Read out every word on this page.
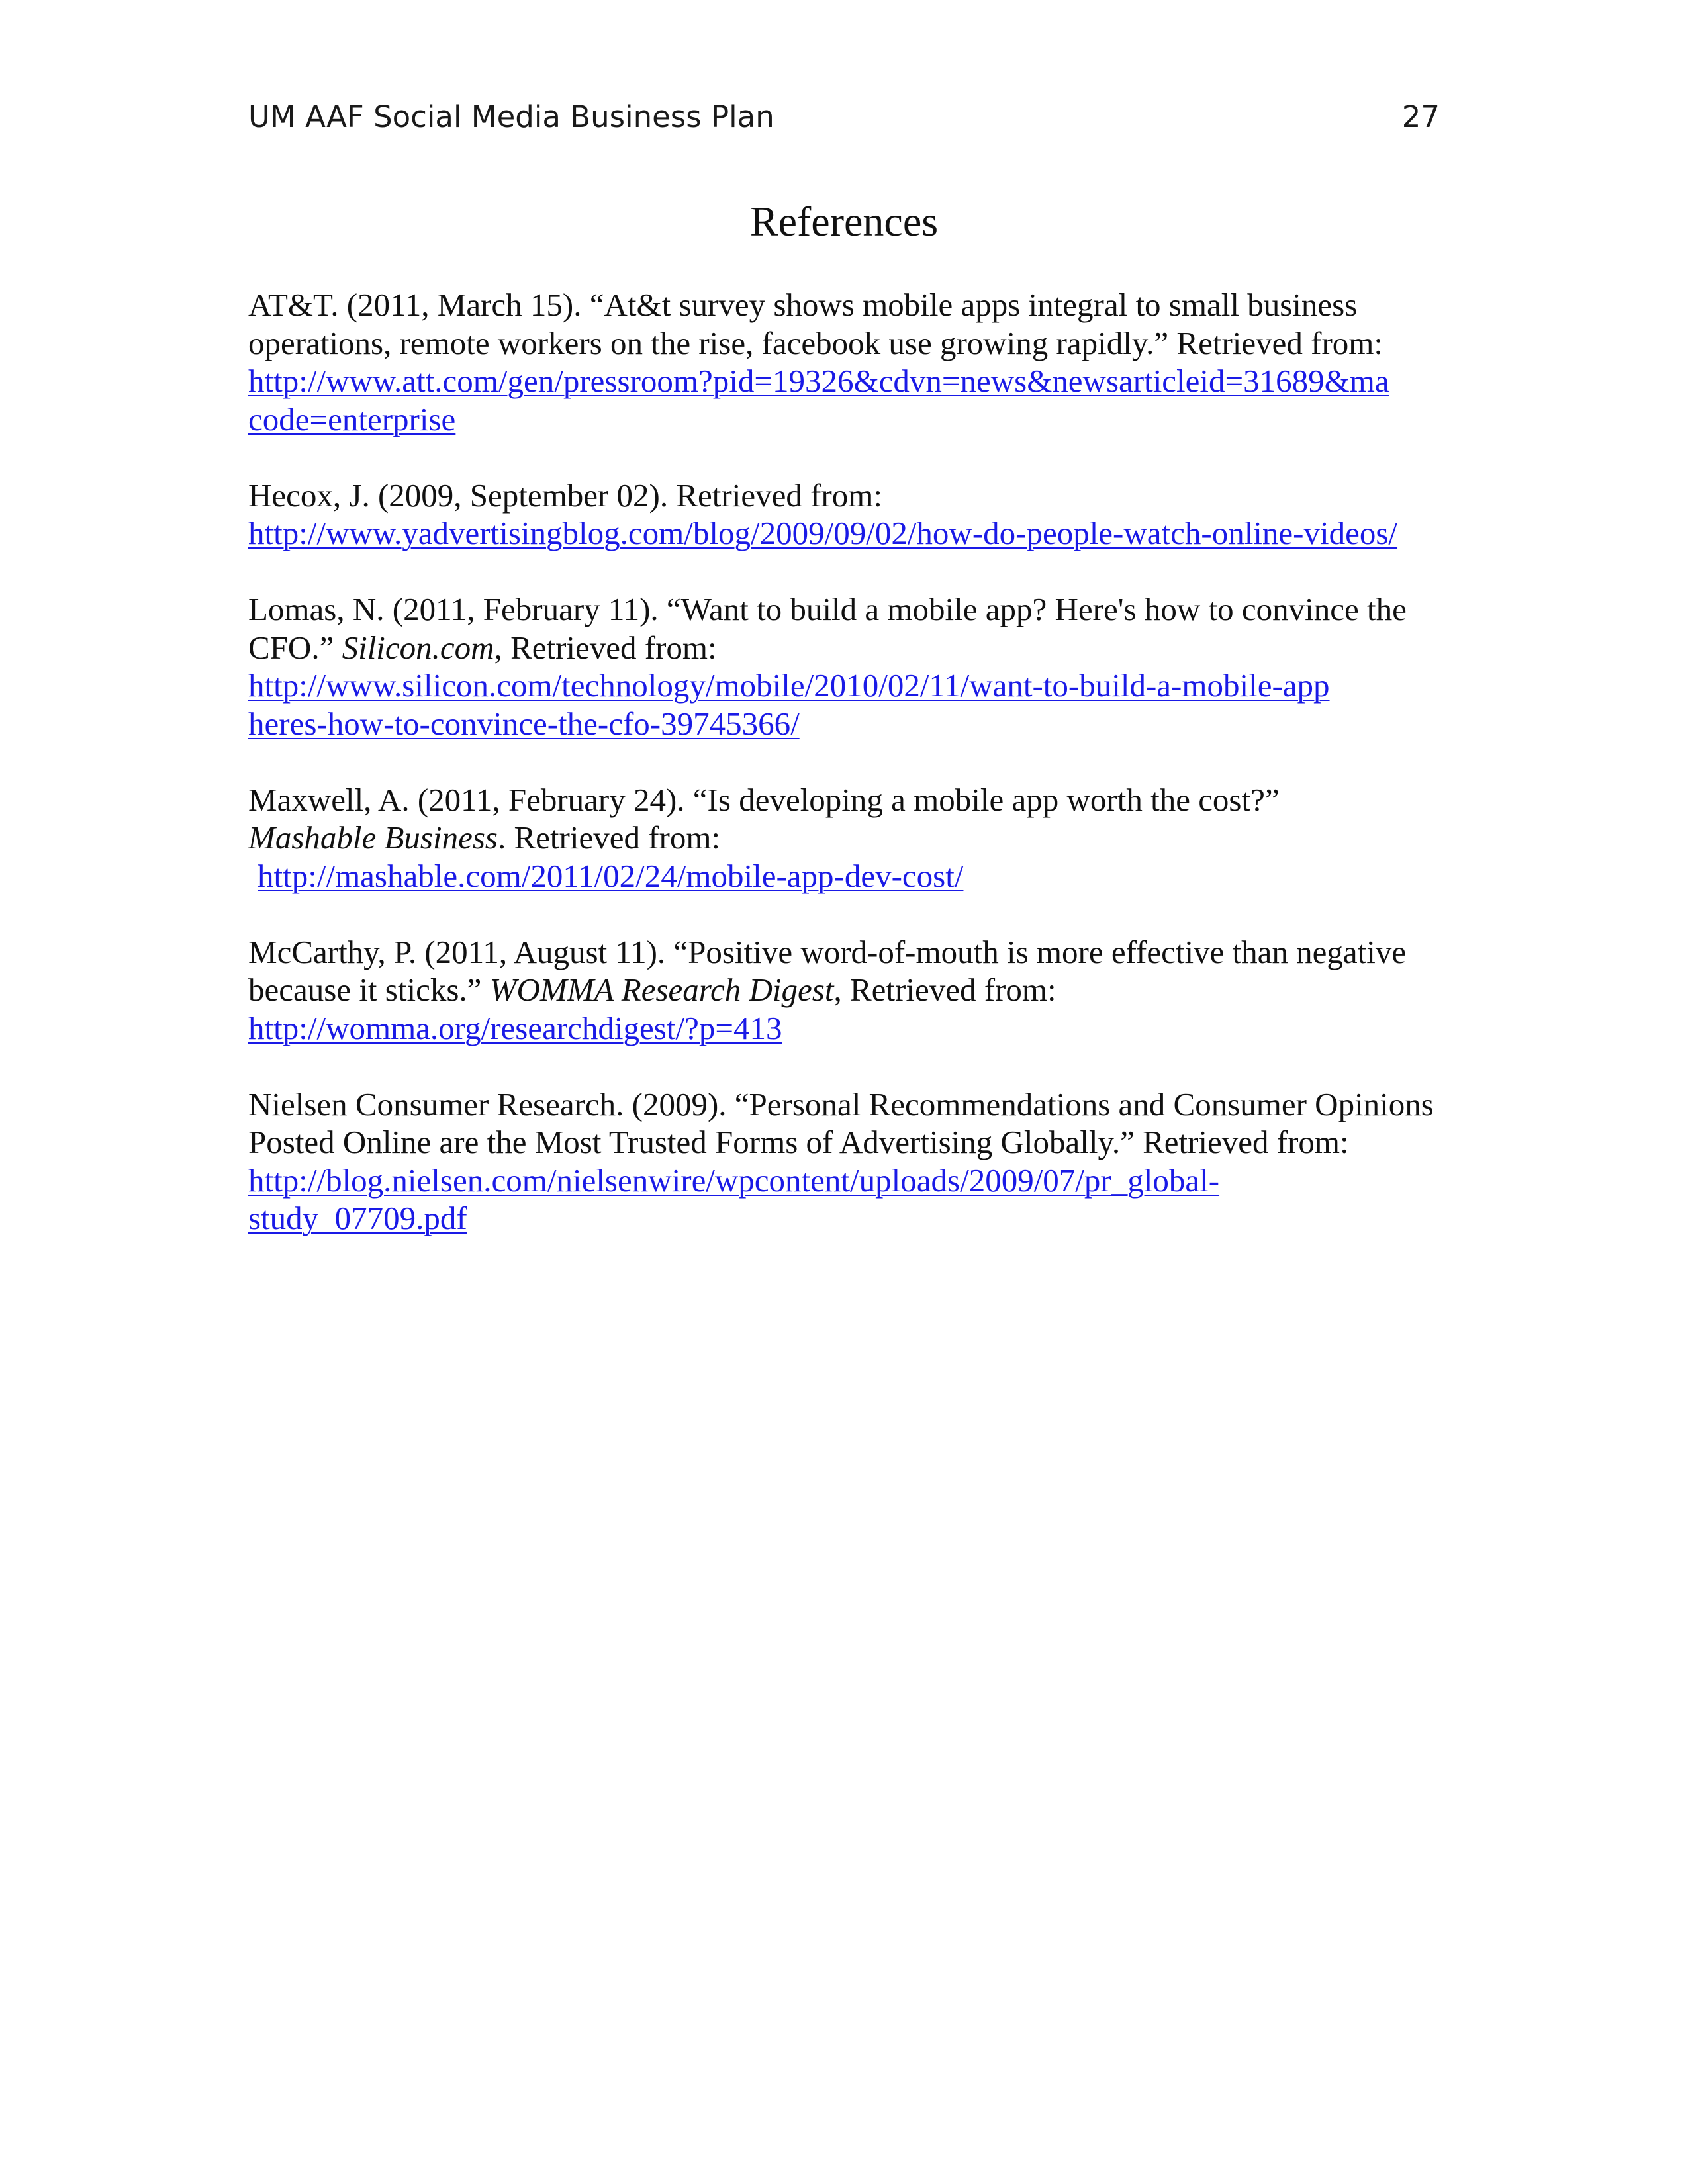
UM AAF Social Media Business Plan	27
References

AT&T. (2011, March 15). “At&t survey shows mobile apps integral to small business operations, remote workers on the rise, facebook use growing rapidly.” Retrieved from:
http://www.att.com/gen/pressroom?pid=19326&cdvn=news&newsarticleid=31689&ma
code=enterprise

Hecox, J. (2009, September 02). Retrieved from:
http://www.yadvertisingblog.com/blog/2009/09/02/how-do-people-watch-online-videos/

Lomas, N. (2011, February 11). “Want to build a mobile app? Here's how to convince the CFO.” Silicon.com, Retrieved from:
http://www.silicon.com/technology/mobile/2010/02/11/want-to-build-a-mobile-app
heres-how-to-convince-the-cfo-39745366/

Maxwell, A. (2011, February 24). “Is developing a mobile app worth the cost?”
Mashable Business. Retrieved from:
http://mashable.com/2011/02/24/mobile-app-dev-cost/

McCarthy, P. (2011, August 11). “Positive word-of-mouth is more effective than negative because it sticks.” WOMMA Research Digest, Retrieved from:
http://womma.org/researchdigest/?p=413

Nielsen Consumer Research. (2009). “Personal Recommendations and Consumer Opinions Posted Online are the Most Trusted Forms of Advertising Globally.” Retrieved from: http://blog.nielsen.com/nielsenwire/wpcontent/uploads/2009/07/pr_global-
study_07709.pdf
